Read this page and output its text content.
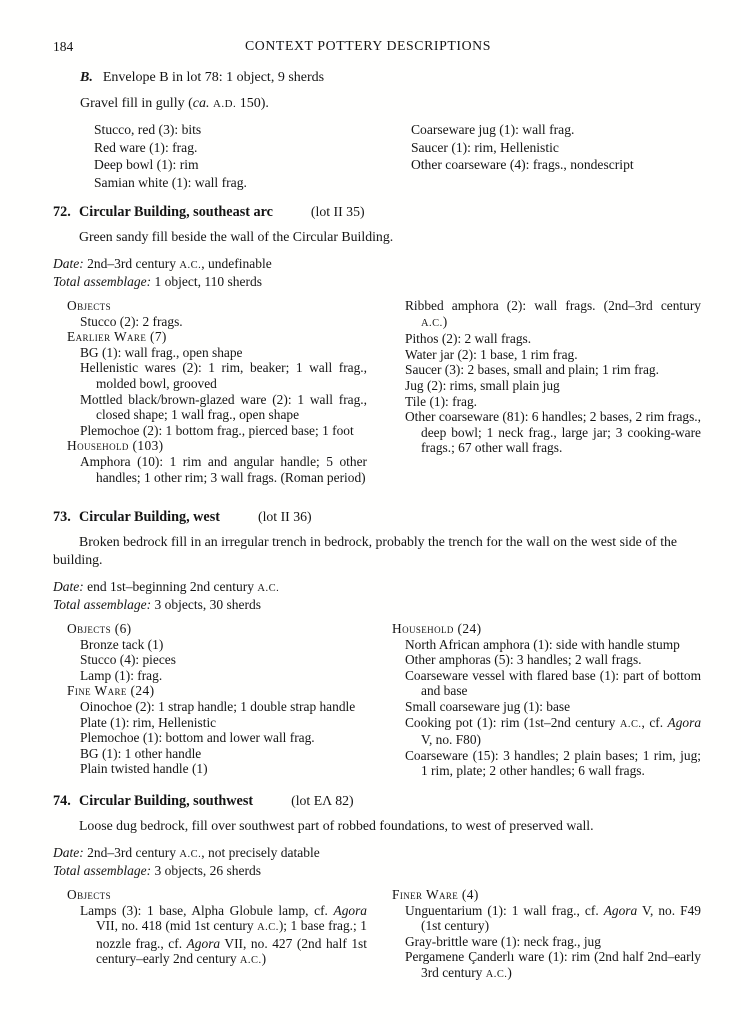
184	CONTEXT POTTERY DESCRIPTIONS

B. Envelope B in lot 78: 1 object, 9 sherds

Gravel fill in gully (ca. A.D. 150).

Stucco, red (3): bits
Red ware (1): frag.
Deep bowl (1): rim
Samian white (1): wall frag.
Coarseware jug (1): wall frag.
Saucer (1): rim, Hellenistic
Other coarseware (4): frags., nondescript
72. Circular Building, southeast arc	(lot II 35)

Green sandy fill beside the wall of the Circular Building.

Date: 2nd–3rd century A.C., undefinable
Total assemblage: 1 object, 110 sherds
Objects
Stucco (2): 2 frags.
Earlier Ware (7)
BG (1): wall frag., open shape
Hellenistic wares (2): 1 rim, beaker; 1 wall frag., molded bowl, grooved
Mottled black/brown-glazed ware (2): 1 wall frag., closed shape; 1 wall frag., open shape
Plemochoe (2): 1 bottom frag., pierced base; 1 foot
Household (103)
Amphora (10): 1 rim and angular handle; 5 other handles; 1 other rim; 3 wall frags. (Roman period)
Ribbed amphora (2): wall frags. (2nd–3rd century A.C.)
Pithos (2): 2 wall frags.
Water jar (2): 1 base, 1 rim frag.
Saucer (3): 2 bases, small and plain; 1 rim frag.
Jug (2): rims, small plain jug
Tile (1): frag.
Other coarseware (81): 6 handles; 2 bases, 2 rim frags., deep bowl; 1 neck frag., large jar; 3 cooking-ware frags.; 67 other wall frags.
73. Circular Building, west	(lot II 36)

Broken bedrock fill in an irregular trench in bedrock, probably the trench for the wall on the west side of the building.

Date: end 1st–beginning 2nd century A.C.
Total assemblage: 3 objects, 30 sherds
Objects (6)
Bronze tack (1)
Stucco (4): pieces
Lamp (1): frag.
Fine Ware (24)
Oinochoe (2): 1 strap handle; 1 double strap handle
Plate (1): rim, Hellenistic
Plemochoe (1): bottom and lower wall frag.
BG (1): 1 other handle
Plain twisted handle (1)
Household (24)
North African amphora (1): side with handle stump
Other amphoras (5): 3 handles; 2 wall frags.
Coarseware vessel with flared base (1): part of bottom and base
Small coarseware jug (1): base
Cooking pot (1): rim (1st–2nd century A.C., cf. Agora V, no. F80)
Coarseware (15): 3 handles; 2 plain bases; 1 rim, jug; 1 rim, plate; 2 other handles; 6 wall frags.
74. Circular Building, southwest	(lot ΕΛ 82)

Loose dug bedrock, fill over southwest part of robbed foundations, to west of preserved wall.

Date: 2nd–3rd century A.C., not precisely datable
Total assemblage: 3 objects, 26 sherds
Objects
Lamps (3): 1 base, Alpha Globule lamp, cf. Agora VII, no. 418 (mid 1st century A.C.); 1 base frag.; 1 nozzle frag., cf. Agora VII, no. 427 (2nd half 1st century–early 2nd century A.C.)
Finer Ware (4)
Unguentarium (1): 1 wall frag., cf. Agora V, no. F49 (1st century)
Gray-brittle ware (1): neck frag., jug
Pergamene Çanderlı ware (1): rim (2nd half 2nd–early 3rd century A.C.)
